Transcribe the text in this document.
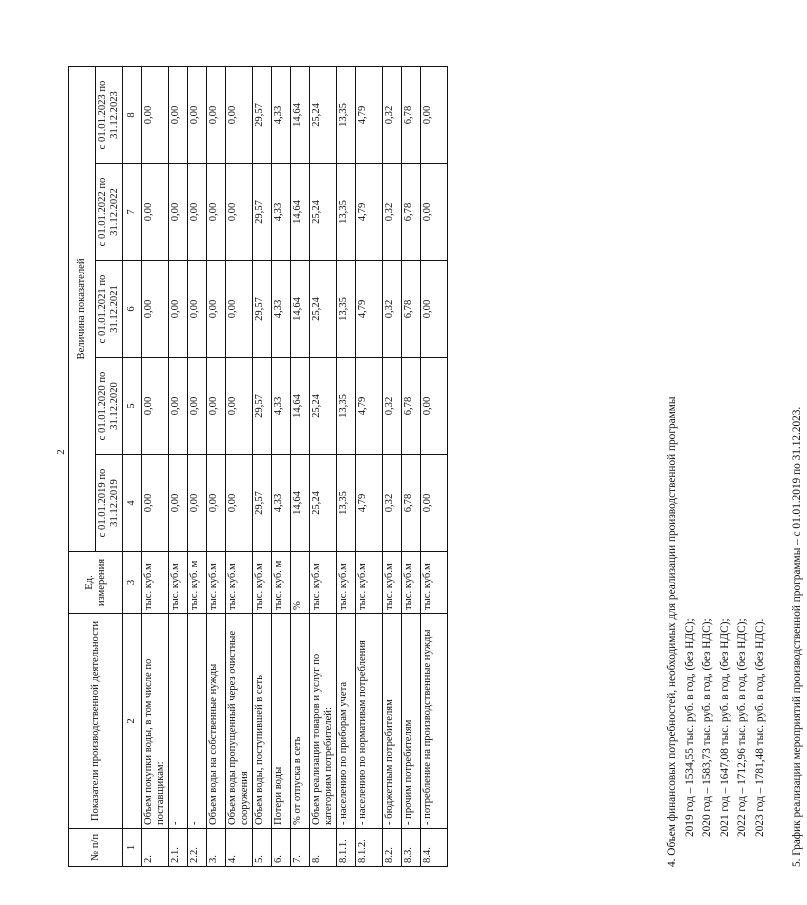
2
№ п/п	Показатели производственной деятельности	Ед. измерения	Величина показателей				
			с 01.01.2019 по 31.12.2019	с 01.01.2020 по 31.12.2020	с 01.01.2021 по 31.12.2021	с 01.01.2022 по 31.12.2022	с 01.01.2023 по 31.12.2023
1	2	3	4	5	6	7	8
2.	Объем покупки воды, в том числе по поставщикам:	тыс. куб.м	0,00	0,00	0,00	0,00	0,00
2.1.	-	тыс. куб.м	0,00	0,00	0,00	0,00	0,00
2.2.	-	тыс. куб. м	0,00	0,00	0,00	0,00	0,00
3.	Объем воды на собственные нужды	тыс. куб.м	0,00	0,00	0,00	0,00	0,00
4.	Объем воды пропущенный через очистные сооружения	тыс. куб.м	0,00	0,00	0,00	0,00	0,00
5.	Объем воды, поступившей в сеть	тыс. куб.м	29,57	29,57	29,57	29,57	29,57
6.	Потери воды	тыс. куб. м	4,33	4,33	4,33	4,33	4,33
7.	% от отпуска в сеть	%	14,64	14,64	14,64	14,64	14,64
8.	Объем реализации товаров и услуг по категориям потребителей:	тыс. куб.м	25,24	25,24	25,24	25,24	25,24
8.1.1.	- населению по приборам учета	тыс. куб.м	13,35	13,35	13,35	13,35	13,35
8.1.2.	- населению по нормативам потребления	тыс. куб.м	4,79	4,79	4,79	4,79	4,79
8.2.	- бюджетным потребителям	тыс. куб.м	0,32	0,32	0,32	0,32	0,32
8.3.	- прочим потребителям	тыс. куб.м	6,78	6,78	6,78	6,78	6,78
8.4.	- потребление на производственные нужды	тыс. куб.м	0,00	0,00	0,00	0,00	0,00
4. Объем финансовых потребностей, необходимых для реализации производственной программы 2019 год – 1534,55 тыс. руб. в год, (без НДС); 2020 год – 1583,73 тыс. руб. в год, (без НДС); 2021 год – 1647,08 тыс. руб. в год, (без НДС); 2022 год – 1712,96 тыс. руб. в год, (без НДС); 2023 год – 1781,48 тыс. руб. в год, (без НДС).	5. График реализации мероприятий производственной программы – с 01.01.2019 по 31.12.2023.
